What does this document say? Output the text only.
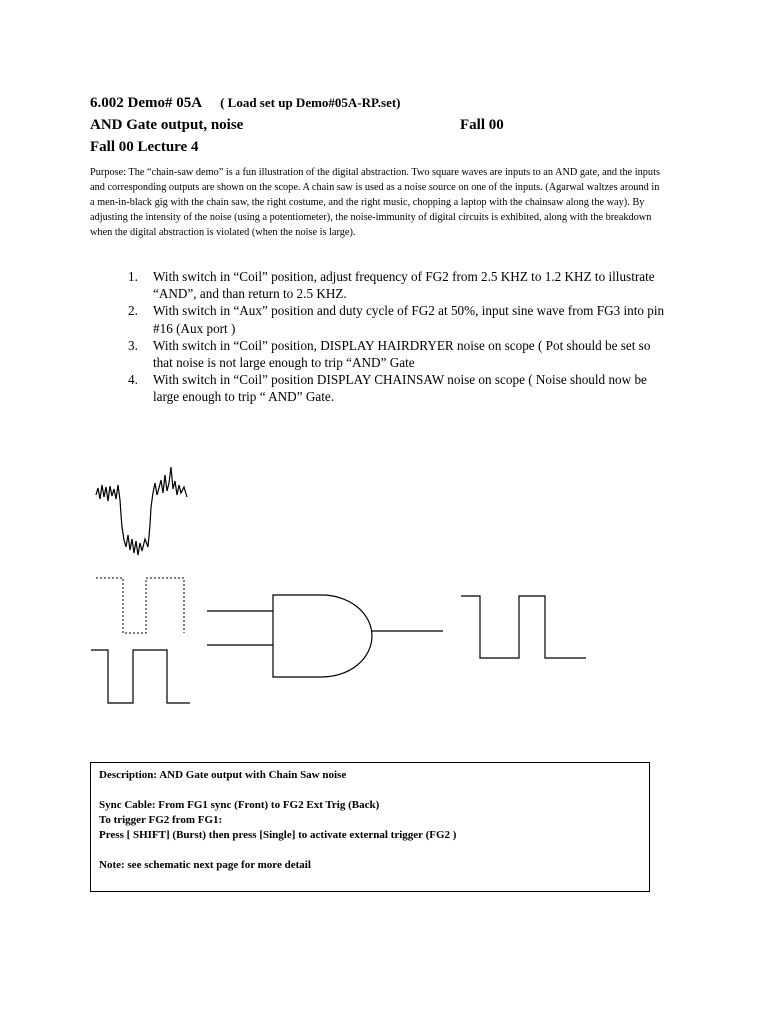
6.002 Demo# 05A ( Load set up Demo#05A-RP.set)
AND Gate output, noise	Fall 00
Fall 00 Lecture 4

Purpose: The “chain-saw demo” is a fun illustration of the digital abstraction. Two square waves are inputs to an AND gate, and the inputs and corresponding outputs are shown on the scope. A chain saw is used as a noise source on one of the inputs. (Agarwal waltzes around in a men-in-black gig with the chain saw, the right costume, and the right music, chopping a laptop with the chainsaw along the way). By adjusting the intensity of the noise (using a potentiometer), the noise-immunity of digital circuits is exhibited, along with the breakdown when the digital abstraction is violated (when the noise is large).

1. With switch in “Coil” position, adjust frequency of FG2 from 2.5 KHZ to 1.2 KHZ to illustrate “AND”, and than return to 2.5 KHZ.
2. With switch in “Aux” position and duty cycle of FG2 at 50%, input sine wave from FG3 into pin #16 (Aux port )
3. With switch in “Coil” position, DISPLAY HAIRDRYER noise on scope ( Pot should be set so that noise is not large enough to trip “AND” Gate
4. With switch in “Coil” position DISPLAY CHAINSAW noise on scope ( Noise should now be large enough to trip “ AND” Gate.
Description: AND Gate output with Chain Saw noise
Sync Cable: From FG1 sync (Front) to FG2 Ext Trig (Back)
To trigger FG2 from FG1:
Press [ SHIFT] (Burst) then press [Single] to activate external trigger (FG2 )
Note: see schematic next page for more detail
